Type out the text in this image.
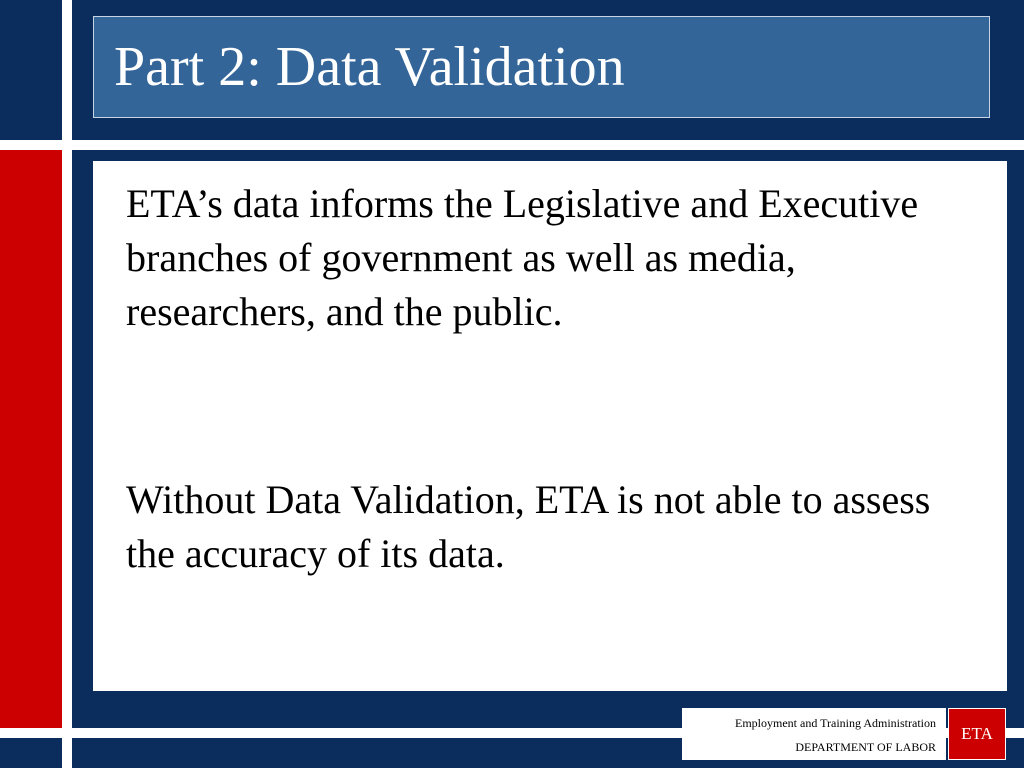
Part 2: Data Validation

ETA’s data informs the Legislative and Executive branches of government as well as media, researchers, and the public.

Without Data Validation, ETA is not able to assess the accuracy of its data.

Employment and Training Administration
DEPARTMENT OF LABOR
ETA
